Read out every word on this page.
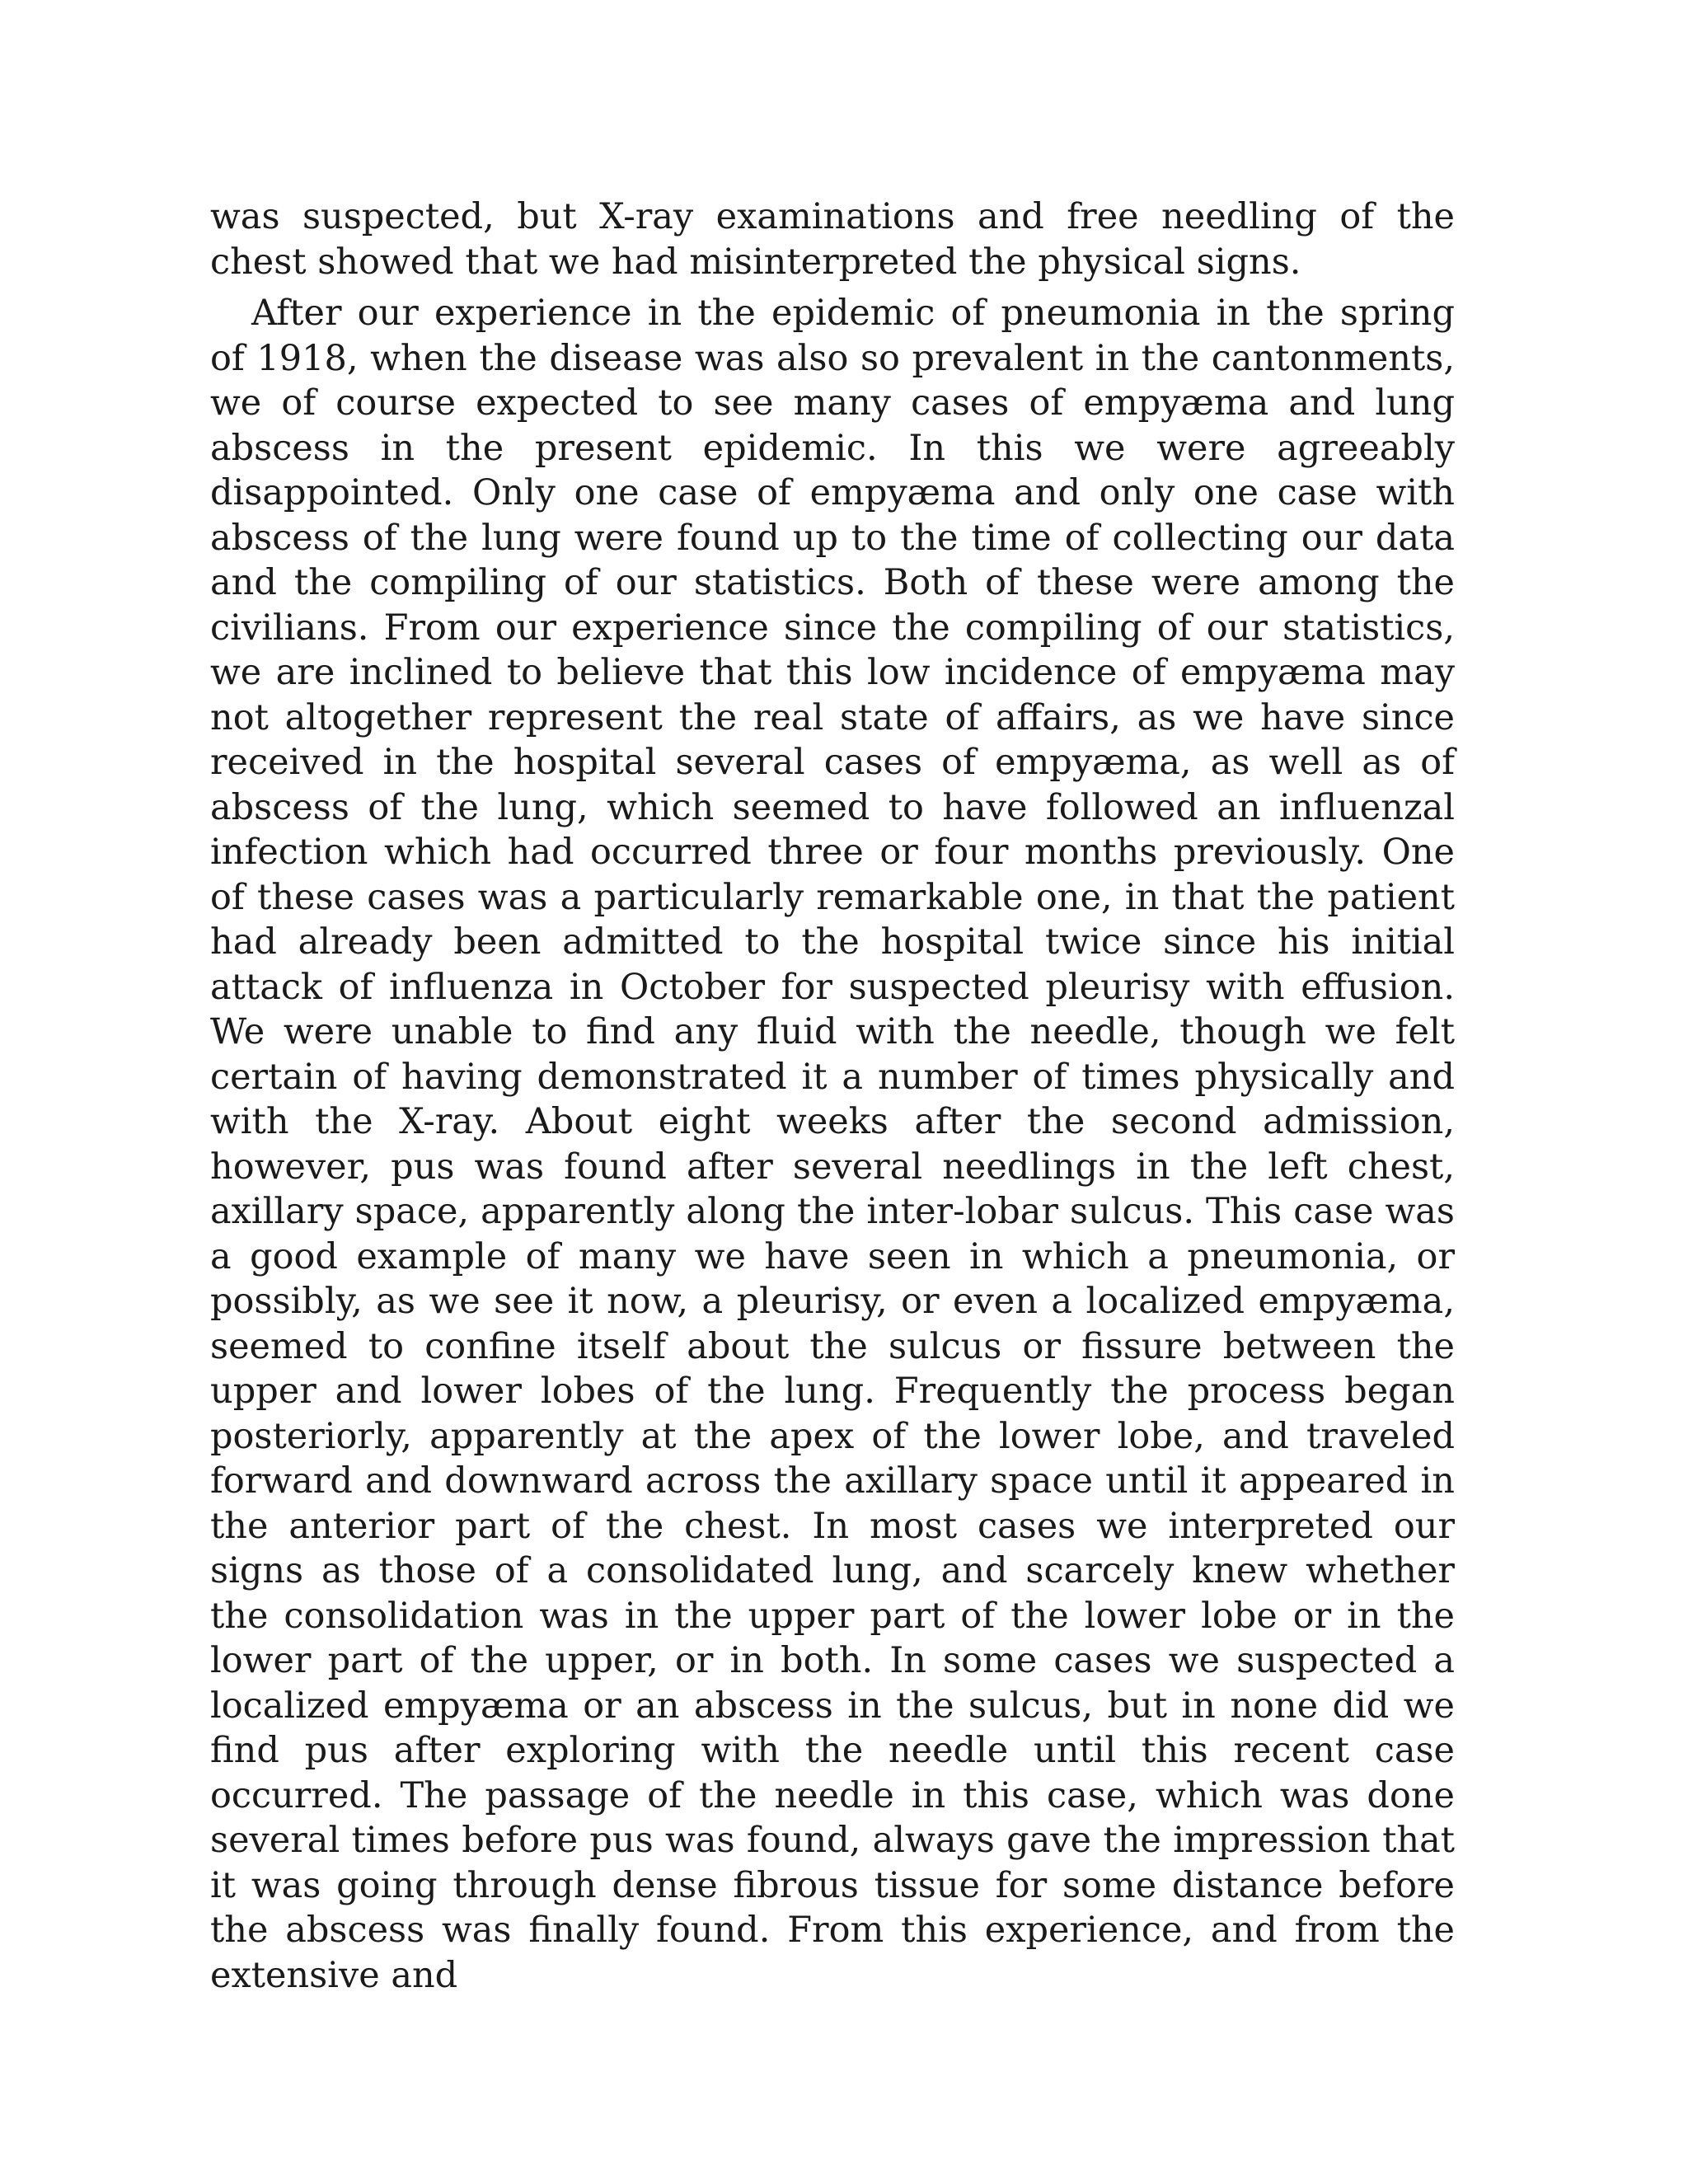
was suspected, but X-ray examinations and free needling of the chest showed that we had misinterpreted the physical signs.

After our experience in the epidemic of pneumonia in the spring of 1918, when the disease was also so prevalent in the cantonments, we of course expected to see many cases of empyæma and lung abscess in the present epidemic. In this we were agreeably disappointed. Only one case of empyæma and only one case with abscess of the lung were found up to the time of collecting our data and the compiling of our statistics. Both of these were among the civilians. From our experience since the compiling of our statistics, we are inclined to believe that this low incidence of empyæma may not altogether represent the real state of affairs, as we have since received in the hospital several cases of empyæma, as well as of abscess of the lung, which seemed to have followed an influenzal infection which had occurred three or four months previously. One of these cases was a particularly remarkable one, in that the patient had already been admitted to the hospital twice since his initial attack of influenza in October for suspected pleurisy with effusion. We were unable to find any fluid with the needle, though we felt certain of having demonstrated it a number of times physically and with the X-ray. About eight weeks after the second admission, however, pus was found after several needlings in the left chest, axillary space, apparently along the inter-lobar sulcus. This case was a good example of many we have seen in which a pneumonia, or possibly, as we see it now, a pleurisy, or even a localized empyæma, seemed to confine itself about the sulcus or fissure between the upper and lower lobes of the lung. Frequently the process began posteriorly, apparently at the apex of the lower lobe, and traveled forward and downward across the axillary space until it appeared in the anterior part of the chest. In most cases we interpreted our signs as those of a consolidated lung, and scarcely knew whether the consolidation was in the upper part of the lower lobe or in the lower part of the upper, or in both. In some cases we suspected a localized empyæma or an abscess in the sulcus, but in none did we find pus after exploring with the needle until this recent case occurred. The passage of the needle in this case, which was done several times before pus was found, always gave the impression that it was going through dense fibrous tissue for some distance before the abscess was finally found. From this experience, and from the extensive and
